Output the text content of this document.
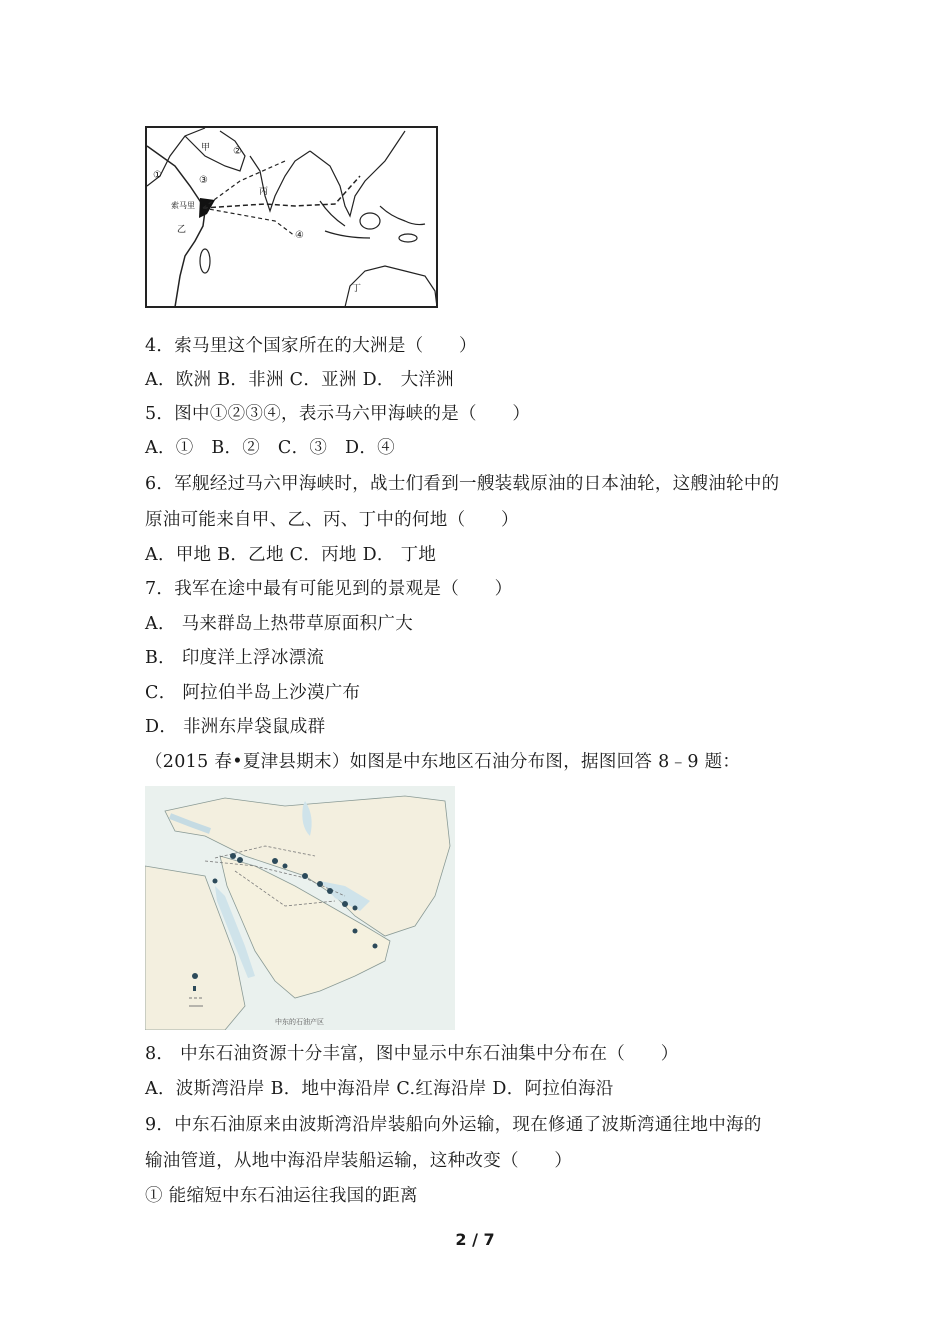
索马里
甲
乙
丙
丁
①
②
③
④
4．索马里这个国家所在的大洲是（　　）
A．欧洲 B．非洲 C．亚洲 D． 大洋洲
5．图中①②③④，表示马六甲海峡的是（　　）
A．①　B．②　C．③　D．④
6．军舰经过马六甲海峡时，战士们看到一艘装载原油的日本油轮，这艘油轮中的
原油可能来自甲、乙、丙、丁中的何地（　　）
A．甲地 B．乙地 C．丙地 D． 丁地
7．我军在途中最有可能见到的景观是（　　）
A． 马来群岛上热带草原面积广大
B． 印度洋上浮冰漂流
C． 阿拉伯半岛上沙漠广布
D． 非洲东岸袋鼠成群
（2015 春•夏津县期末）如图是中东地区石油分布图，据图回答 8﹣9 题：
中东的石油产区
8． 中东石油资源十分丰富，图中显示中东石油集中分布在（　　）
A．波斯湾沿岸 B．地中海沿岸 C.红海沿岸 D．阿拉伯海沿
9．中东石油原来由波斯湾沿岸装船向外运输，现在修通了波斯湾通往地中海的
输油管道，从地中海沿岸装船运输，这种改变（　　）
① 能缩短中东石油运往我国的距离
2 / 7
